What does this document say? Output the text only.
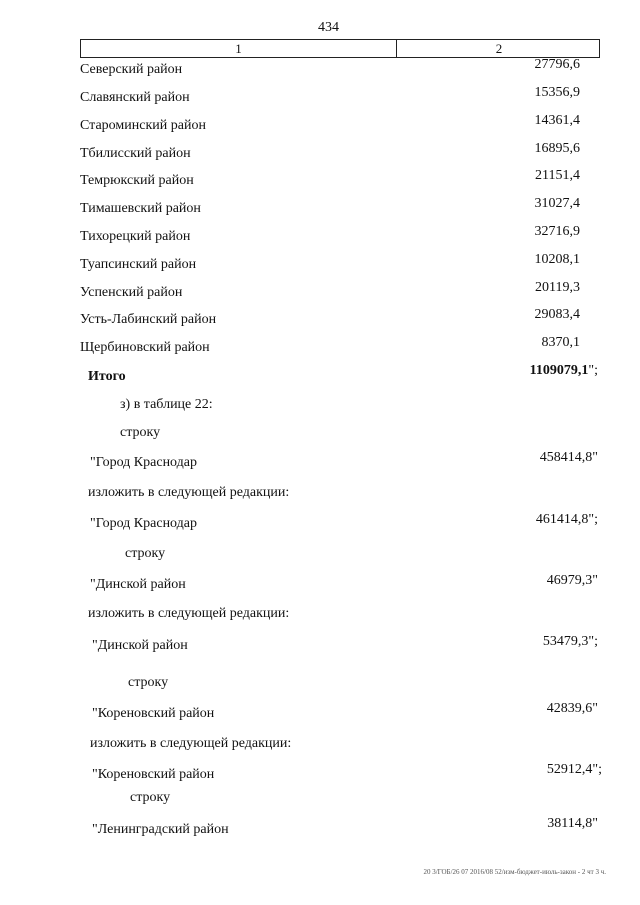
434
1	2
Северский район	27796,6
Славянский район	15356,9
Староминский район	14361,4
Тбилисский район	16895,6
Темрюкский район	21151,4
Тимашевский район	31027,4
Тихорецкий район	32716,9
Туапсинский район	10208,1
Успенский район	20119,3
Усть-Лабинский район	29083,4
Щербиновский район	8370,1
Итого	1109079,1";
з) в таблице 22:
строку
"Город Краснодар	458414,8"
изложить в следующей редакции:
"Город Краснодар	461414,8";
строку
"Динской район	46979,3"
изложить в следующей редакции:
"Динской район	53479,3";
строку
"Кореновский район	42839,6"
изложить в следующей редакции:
"Кореновский район	52912,4";
строку
"Ленинградский район	38114,8"
20 3/ГОБ/26 07 2016/08 52/изм-бюджет-июль-закон - 2 чт 3 ч.
